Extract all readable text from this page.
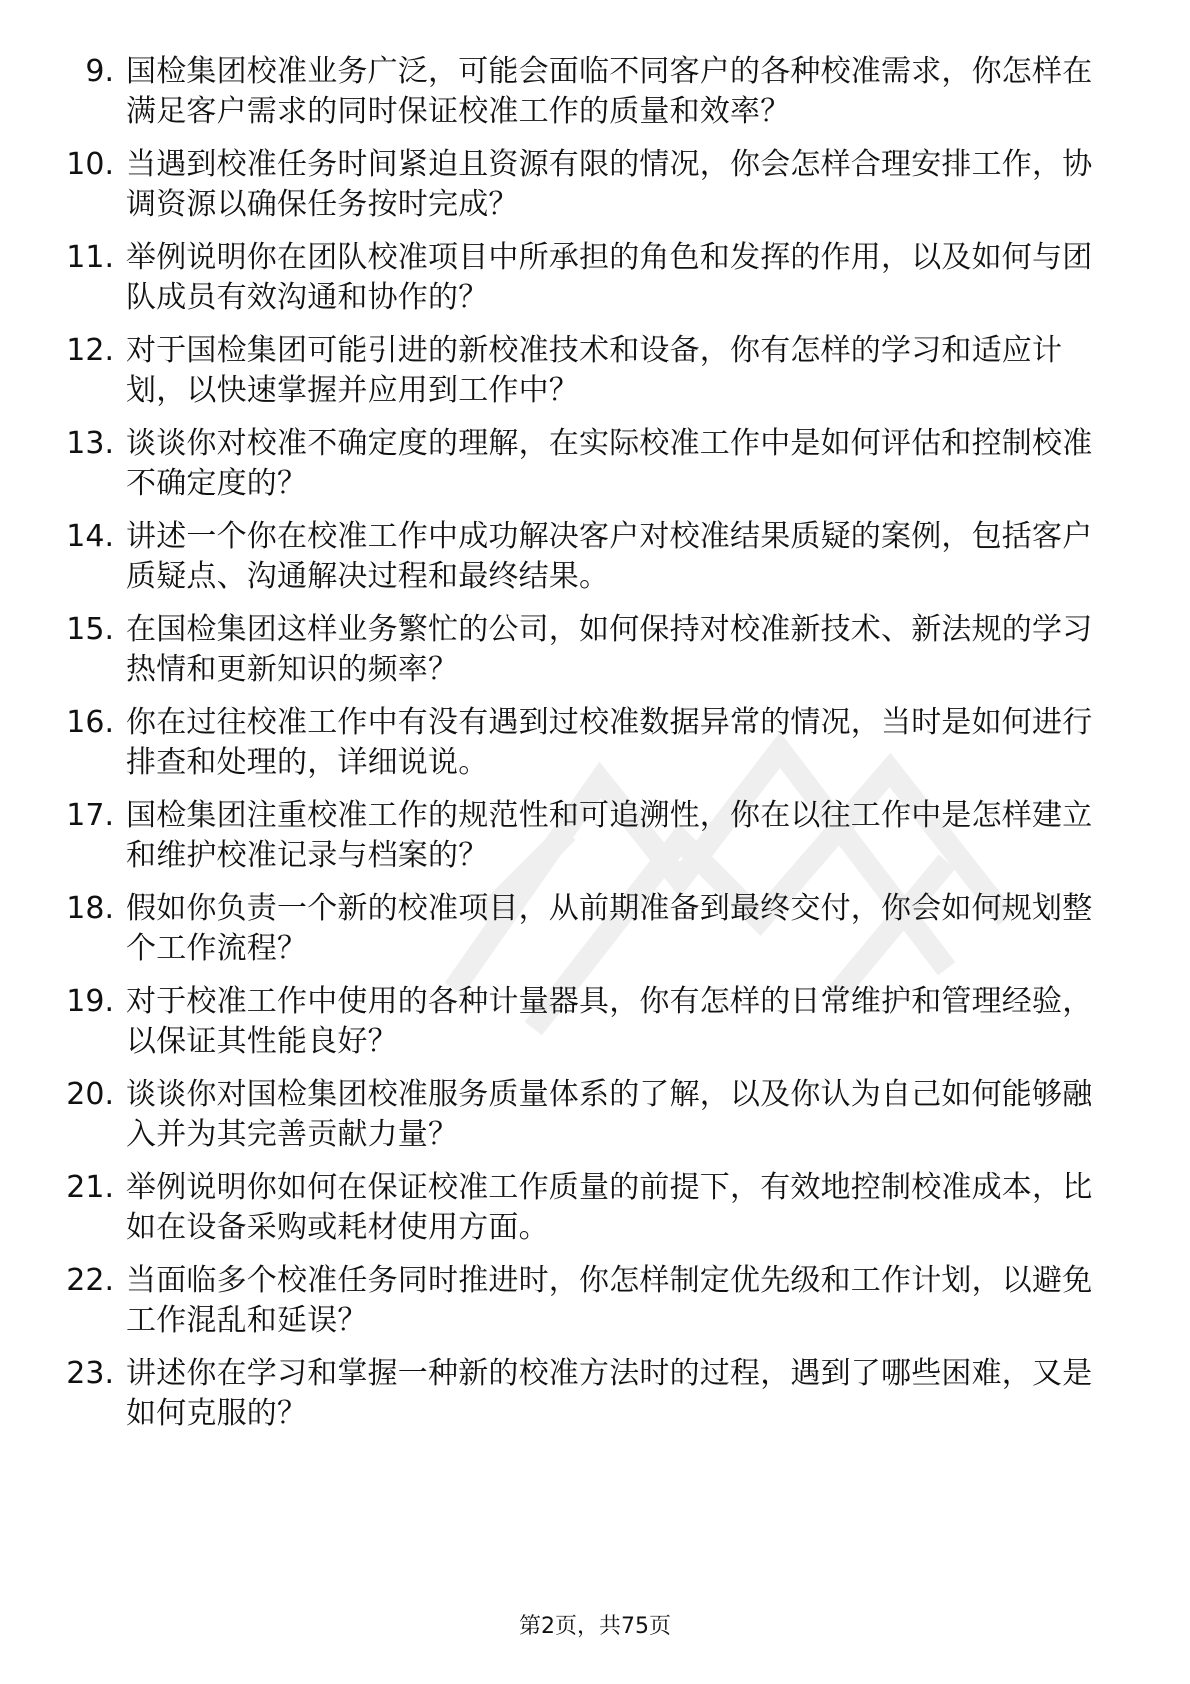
9. 国检集团校准业务广泛，可能会面临不同客户的各种校准需求，你怎样在满足客户需求的同时保证校准工作的质量和效率？
10. 当遇到校准任务时间紧迫且资源有限的情况，你会怎样合理安排工作，协调资源以确保任务按时完成？
11. 举例说明你在团队校准项目中所承担的角色和发挥的作用，以及如何与团队成员有效沟通和协作的？
12. 对于国检集团可能引进的新校准技术和设备，你有怎样的学习和适应计划，以快速掌握并应用到工作中？
13. 谈谈你对校准不确定度的理解，在实际校准工作中是如何评估和控制校准不确定度的？
14. 讲述一个你在校准工作中成功解决客户对校准结果质疑的案例，包括客户质疑点、沟通解决过程和最终结果。
15. 在国检集团这样业务繁忙的公司，如何保持对校准新技术、新法规的学习热情和更新知识的频率？
16. 你在过往校准工作中有没有遇到过校准数据异常的情况，当时是如何进行排查和处理的，详细说说。
17. 国检集团注重校准工作的规范性和可追溯性，你在以往工作中是怎样建立和维护校准记录与档案的？
18. 假如你负责一个新的校准项目，从前期准备到最终交付，你会如何规划整个工作流程？
19. 对于校准工作中使用的各种计量器具，你有怎样的日常维护和管理经验，以保证其性能良好？
20. 谈谈你对国检集团校准服务质量体系的了解，以及你认为自己如何能够融入并为其完善贡献力量？
21. 举例说明你如何在保证校准工作质量的前提下，有效地控制校准成本，比如在设备采购或耗材使用方面。
22. 当面临多个校准任务同时推进时，你怎样制定优先级和工作计划，以避免工作混乱和延误？
23. 讲述你在学习和掌握一种新的校准方法时的过程，遇到了哪些困难，又是如何克服的？
第2页，共75页
